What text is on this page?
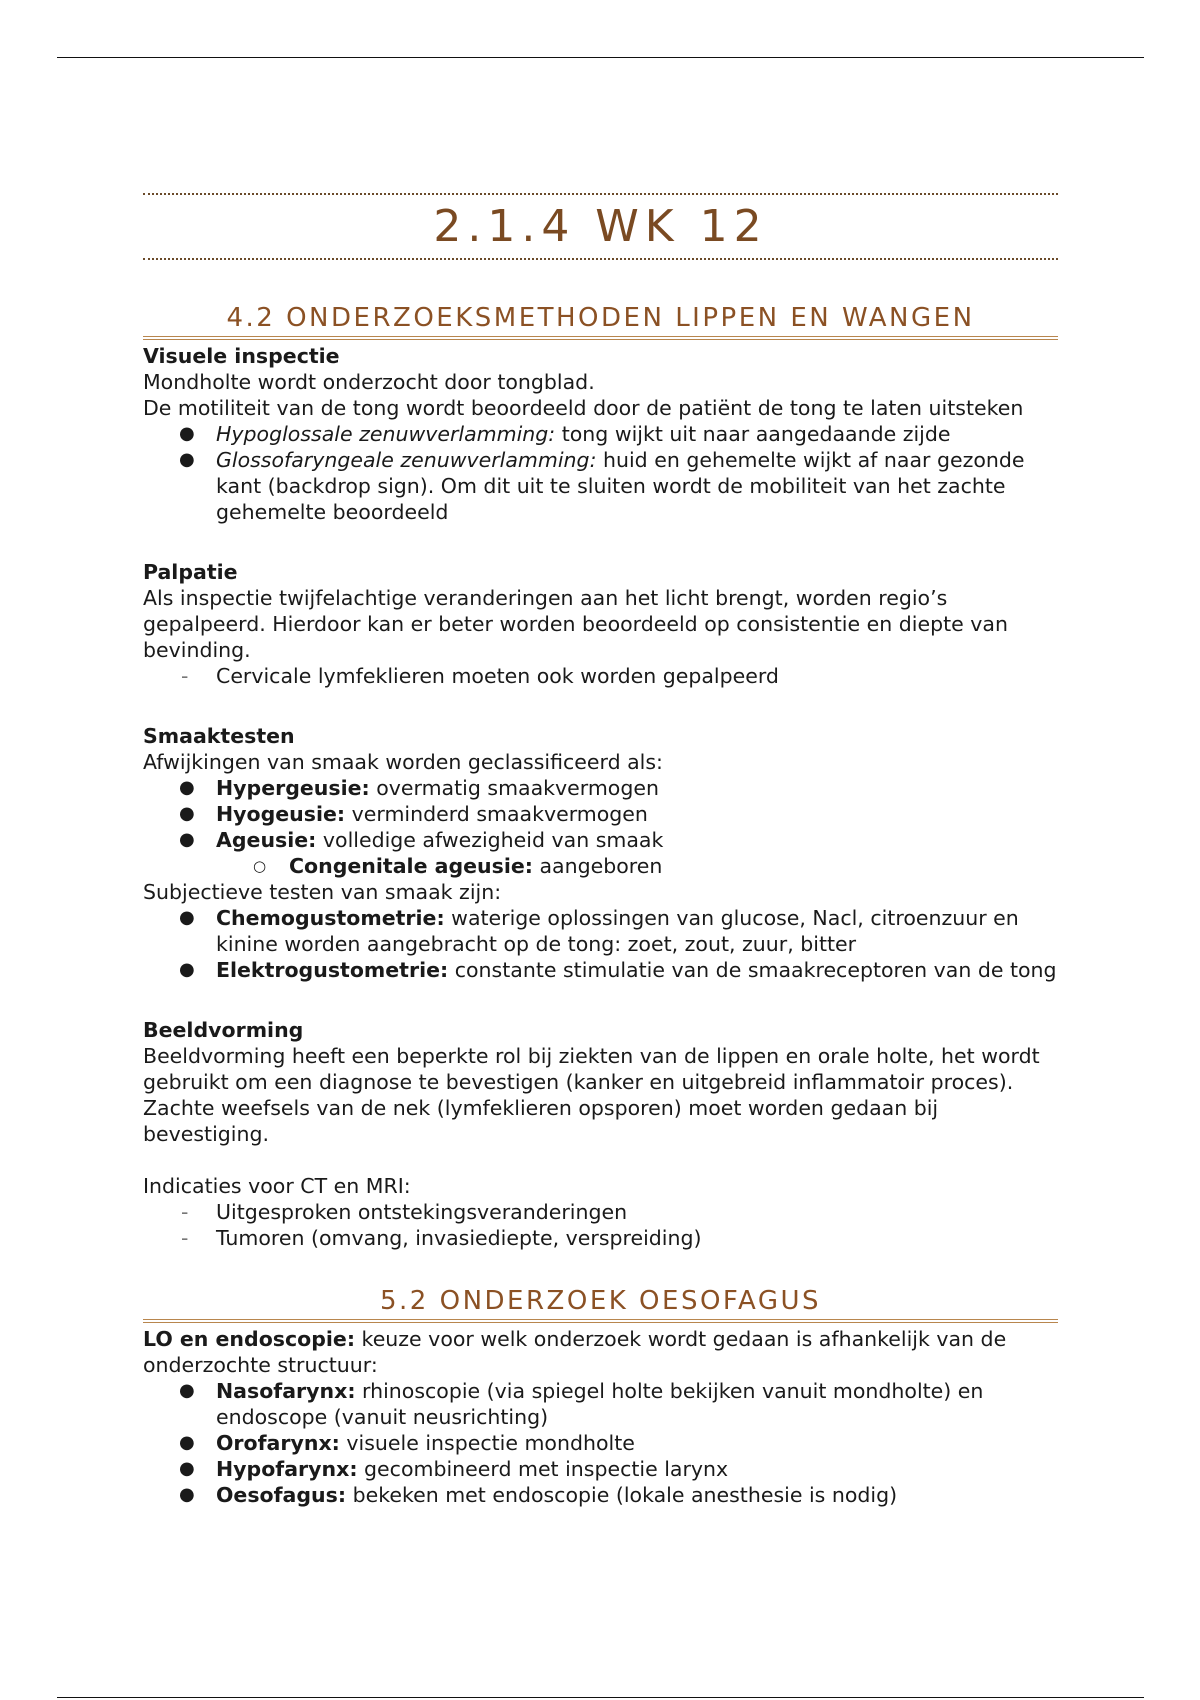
2.1.4 WK 12
4.2 ONDERZOEKSMETHODEN LIPPEN EN WANGEN

Visuele inspectie

Mondholte wordt onderzocht door tongblad.

De motiliteit van de tong wordt beoordeeld door de patiënt de tong te laten uitsteken

● Hypoglossale zenuwverlamming: tong wijkt uit naar aangedaande zijde
● Glossofaryngeale zenuwverlamming: huid en gehemelte wijkt af naar gezonde kant (backdrop sign). Om dit uit te sluiten wordt de mobiliteit van het zachte gehemelte beoordeeld

Palpatie

Als inspectie twijfelachtige veranderingen aan het licht brengt, worden regio’s gepalpeerd. Hierdoor kan er beter worden beoordeeld op consistentie en diepte van bevinding.

- Cervicale lymfeklieren moeten ook worden gepalpeerd

Smaaktesten

Afwijkingen van smaak worden geclassificeerd als:

● Hypergeusie: overmatig smaakvermogen
● Hyogeusie: verminderd smaakvermogen
● Ageusie: volledige afwezigheid van smaak
○ Congenitale ageusie: aangeboren

Subjectieve testen van smaak zijn:

● Chemogustometrie: waterige oplossingen van glucose, Nacl, citroenzuur en kinine worden aangebracht op de tong: zoet, zout, zuur, bitter
● Elektrogustometrie: constante stimulatie van de smaakreceptoren van de tong

Beeldvorming

Beeldvorming heeft een beperkte rol bij ziekten van de lippen en orale holte, het wordt gebruikt om een diagnose te bevestigen (kanker en uitgebreid inflammatoir proces). Zachte weefsels van de nek (lymfeklieren opsporen) moet worden gedaan bij bevestiging.

Indicaties voor CT en MRI:

- Uitgesproken ontstekingsveranderingen
- Tumoren (omvang, invasiediepte, verspreiding)
5.2 ONDERZOEK OESOFAGUS

LO en endoscopie: keuze voor welk onderzoek wordt gedaan is afhankelijk van de onderzochte structuur:

● Nasofarynx: rhinoscopie (via spiegel holte bekijken vanuit mondholte) en endoscope (vanuit neusrichting)
● Orofarynx: visuele inspectie mondholte
● Hypofarynx: gecombineerd met inspectie larynx
● Oesofagus: bekeken met endoscopie (lokale anesthesie is nodig)
